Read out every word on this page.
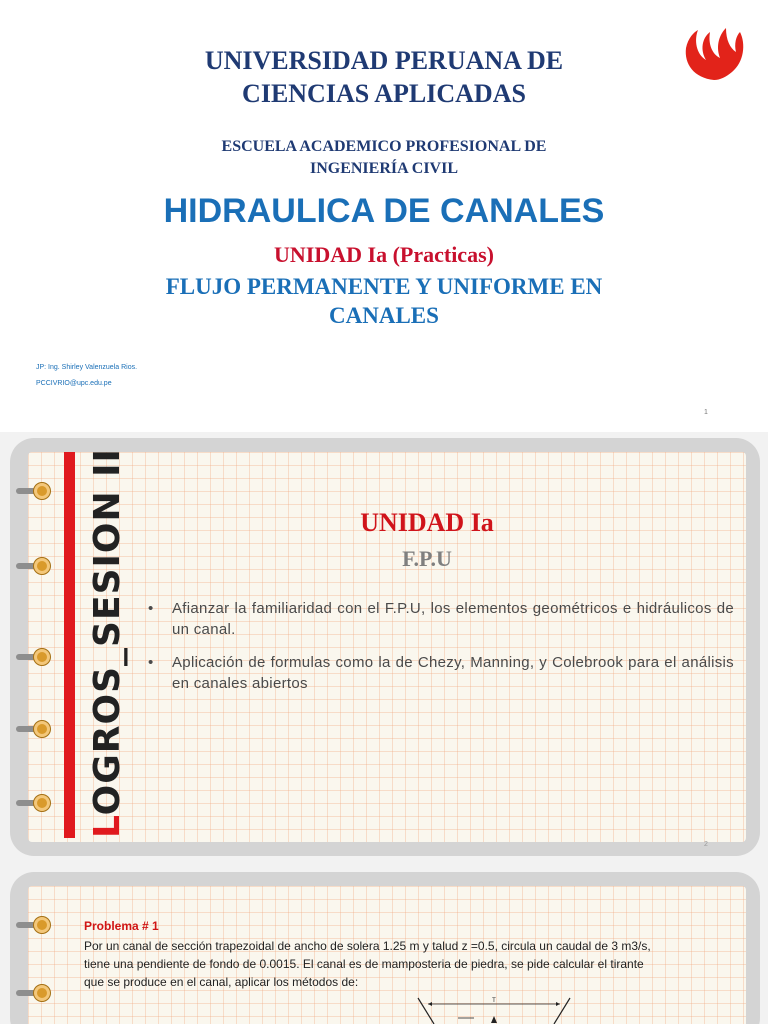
UNIVERSIDAD PERUANA DE
CIENCIAS APLICADAS
ESCUELA ACADEMICO PROFESIONAL DE
INGENIERÍA CIVIL
HIDRAULICA DE CANALES
UNIDAD Ia (Practicas)
FLUJO PERMANENTE Y UNIFORME EN
CANALES
JP: Ing. Shirley Valenzuela Rios.
PCCIVRIO@upc.edu.pe
1
LOGROS_SESION II	UNIDAD Ia
F.P.U
•	Afianzar la familiaridad con el F.P.U, los elementos geométricos e hidráulicos de un canal.
•	Aplicación de formulas como la de Chezy, Manning, y Colebrook para el análisis en canales abiertos
2
Problema # 1
Por un canal de sección trapezoidal de ancho de solera 1.25 m y talud z =0.5, circula un caudal de 3 m3/s,
tiene una pendiente de fondo de 0.0015. El canal es de mamposteria de piedra, se pide calcular el tirante
que se produce en el canal, aplicar los métodos de:
T
